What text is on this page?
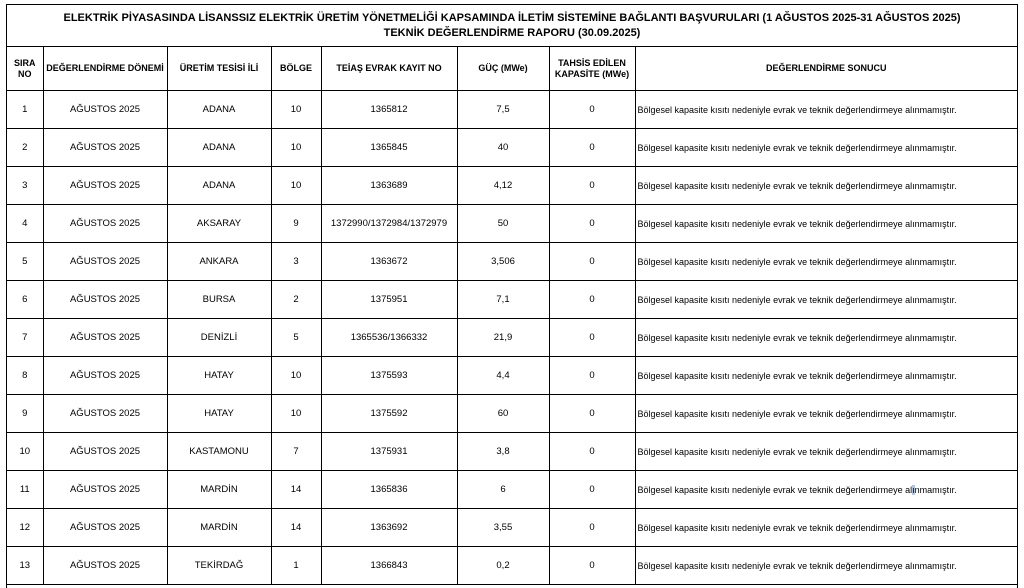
ELEKTRİK PİYASASINDA LİSANSSIZ ELEKTRİK ÜRETİM YÖNETMELİĞİ KAPSAMINDA İLETİM SİSTEMİNE BAĞLANTI BAŞVURULARI (1 AĞUSTOS 2025-31 AĞUSTOS 2025)
TEKNİK DEĞERLENDİRME RAPORU (30.09.2025)
SIRA NO	DEĞERLENDİRME DÖNEMİ	ÜRETİM TESİSİ İLİ	BÖLGE	TEİAŞ EVRAK KAYIT NO	GÜÇ (MWe)	TAHSİS EDİLEN KAPASİTE (MWe)	DEĞERLENDİRME SONUCU
1	AĞUSTOS 2025	ADANA	10	1365812	7,5	0	Bölgesel kapasite kısıtı nedeniyle evrak ve teknik değerlendirmeye alınmamıştır.
2	AĞUSTOS 2025	ADANA	10	1365845	40	0	Bölgesel kapasite kısıtı nedeniyle evrak ve teknik değerlendirmeye alınmamıştır.
3	AĞUSTOS 2025	ADANA	10	1363689	4,12	0	Bölgesel kapasite kısıtı nedeniyle evrak ve teknik değerlendirmeye alınmamıştır.
4	AĞUSTOS 2025	AKSARAY	9	1372990/1372984/1372979	50	0	Bölgesel kapasite kısıtı nedeniyle evrak ve teknik değerlendirmeye alınmamıştır.
5	AĞUSTOS 2025	ANKARA	3	1363672	3,506	0	Bölgesel kapasite kısıtı nedeniyle evrak ve teknik değerlendirmeye alınmamıştır.
6	AĞUSTOS 2025	BURSA	2	1375951	7,1	0	Bölgesel kapasite kısıtı nedeniyle evrak ve teknik değerlendirmeye alınmamıştır.
7	AĞUSTOS 2025	DENİZLİ	5	1365536/1366332	21,9	0	Bölgesel kapasite kısıtı nedeniyle evrak ve teknik değerlendirmeye alınmamıştır.
8	AĞUSTOS 2025	HATAY	10	1375593	4,4	0	Bölgesel kapasite kısıtı nedeniyle evrak ve teknik değerlendirmeye alınmamıştır.
9	AĞUSTOS 2025	HATAY	10	1375592	60	0	Bölgesel kapasite kısıtı nedeniyle evrak ve teknik değerlendirmeye alınmamıştır.
10	AĞUSTOS 2025	KASTAMONU	7	1375931	3,8	0	Bölgesel kapasite kısıtı nedeniyle evrak ve teknik değerlendirmeye alınmamıştır.
11	AĞUSTOS 2025	MARDİN	14	1365836	6	0	Bölgesel kapasite kısıtı nedeniyle evrak ve teknik değerlendirmeye alınmamıştır.
12	AĞUSTOS 2025	MARDİN	14	1363692	3,55	0	Bölgesel kapasite kısıtı nedeniyle evrak ve teknik değerlendirmeye alınmamıştır.
13	AĞUSTOS 2025	TEKİRDAĞ	1	1366843	0,2	0	Bölgesel kapasite kısıtı nedeniyle evrak ve teknik değerlendirmeye alınmamıştır.
